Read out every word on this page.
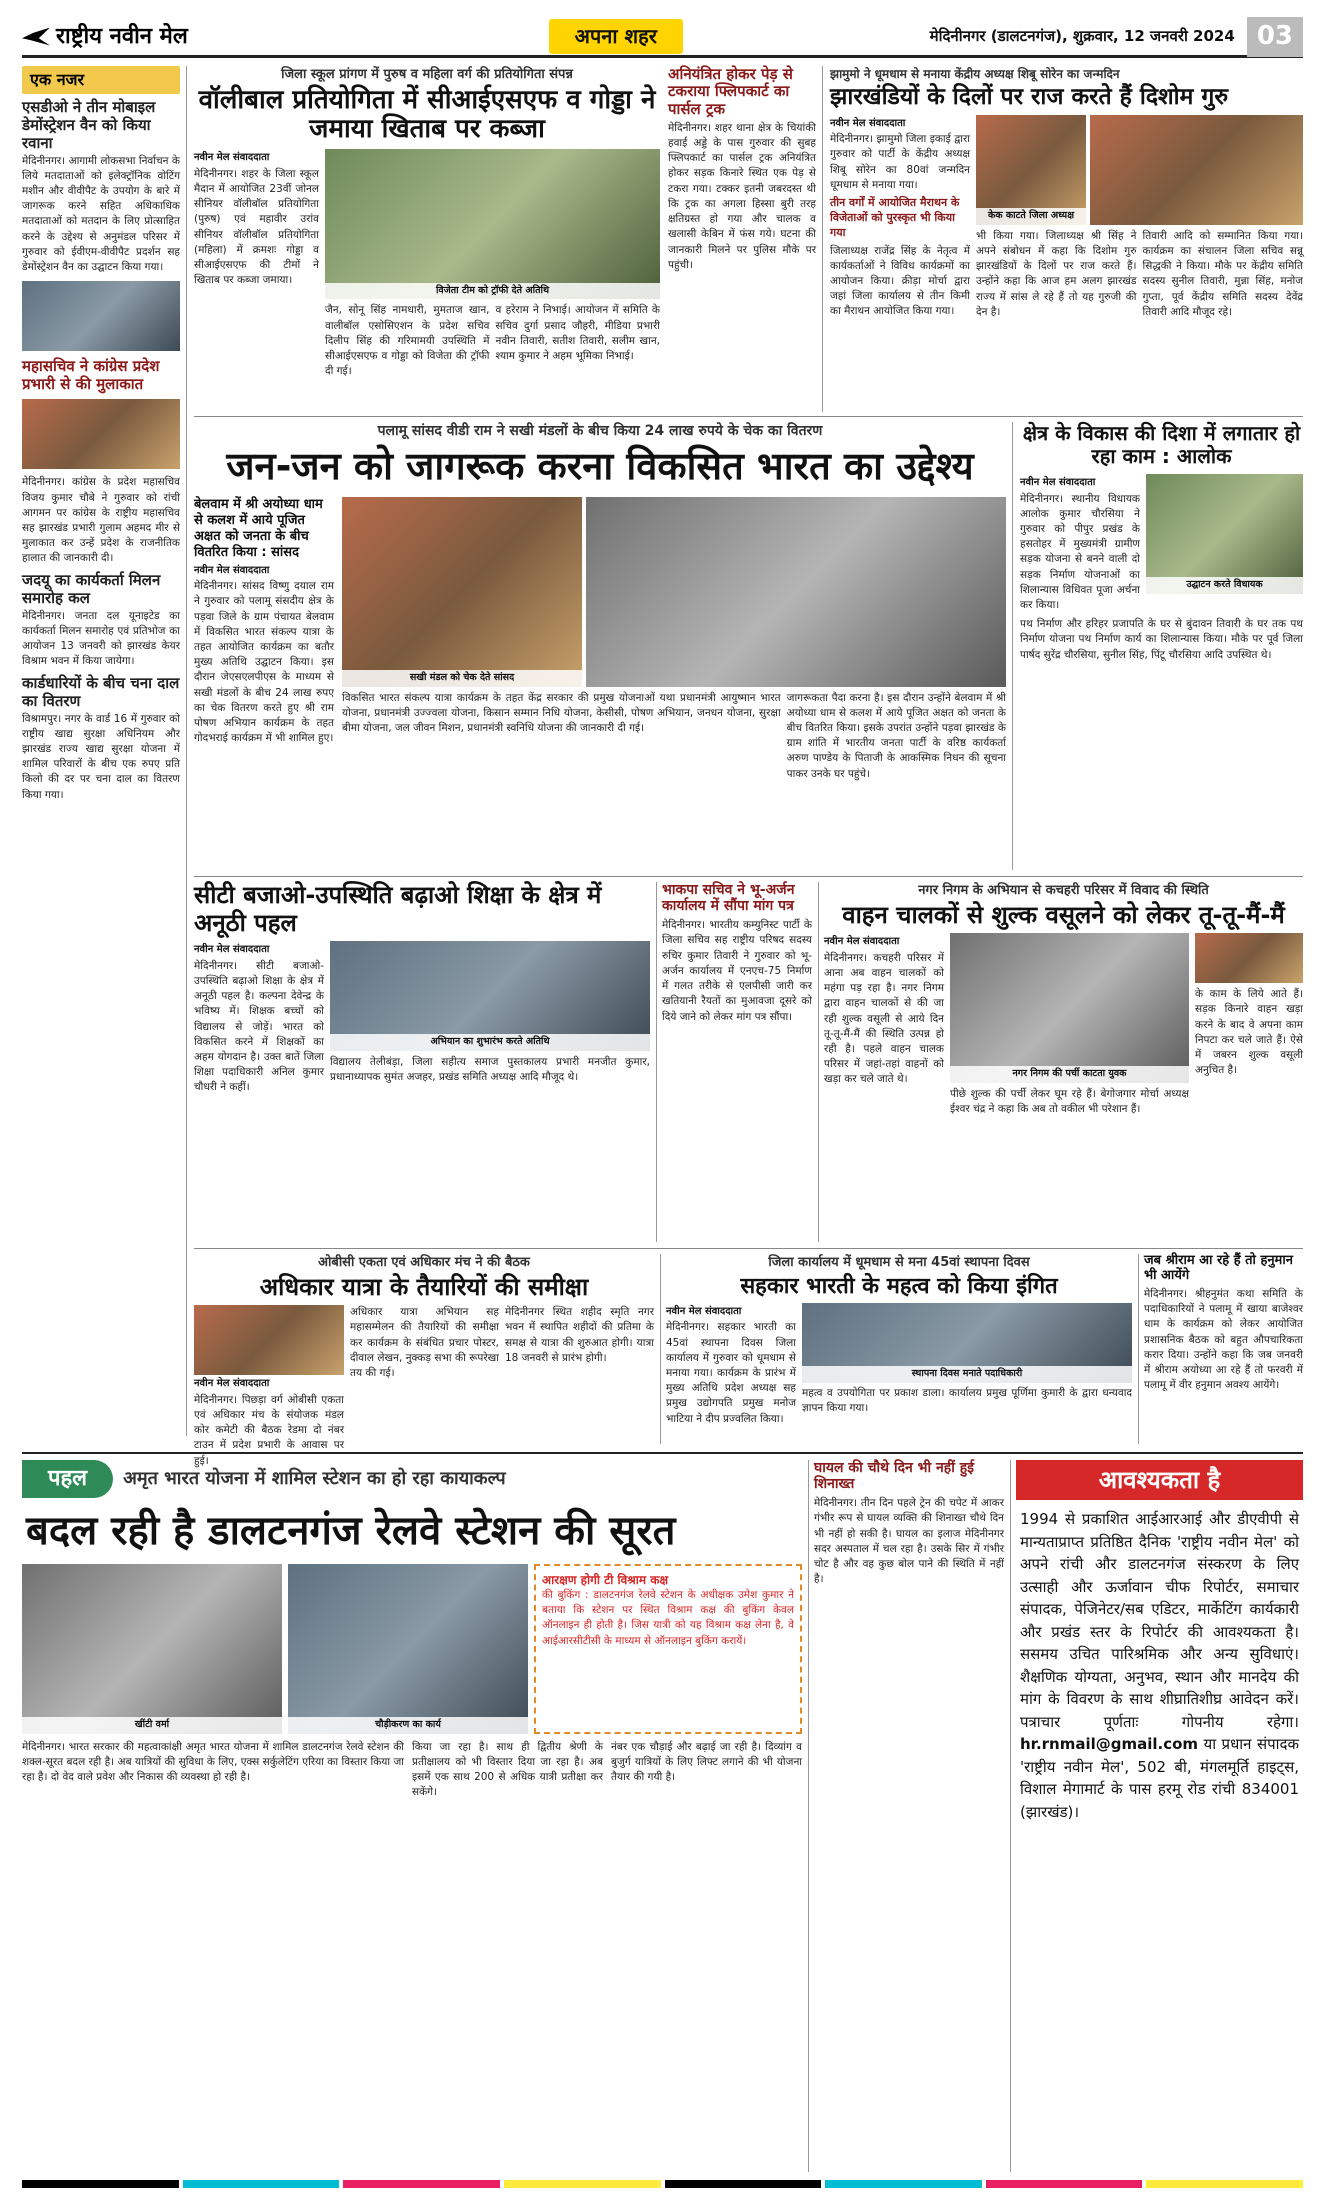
राष्ट्रीय नवीन मेल	अपना शहर	मेदिनीनगर (डालटनगंज), शुक्रवार, 12 जनवरी 2024 03
एक नजर
एसडीओ ने तीन मोबाइल डेमोंस्ट्रेशन वैन को किया रवाना
मेदिनीनगर। आगामी लोकसभा निर्वाचन के लिये मतदाताओं को इलेक्ट्रॉनिक वोटिंग मशीन और वीवीपैट के उपयोग के बारे में जागरूक करने सहित अधिकाधिक मतदाताओं को मतदान के लिए प्रोत्साहित करने के उद्देश्य से अनुमंडल परिसर में गुरुवार को ईवीएम-वीवीपैट प्रदर्शन सह डेमोंस्ट्रेशन वैन का उद्घाटन किया गया।
महासचिव ने कांग्रेस प्रदेश प्रभारी से की मुलाकात
मेदिनीनगर। कांग्रेस के प्रदेश महासचिव विजय कुमार चौबे ने गुरुवार को रांची आगमन पर कांग्रेस के राष्ट्रीय महासचिव सह झारखंड प्रभारी गुलाम अहमद मीर से मुलाकात कर उन्हें प्रदेश के राजनीतिक हालात की जानकारी दी।
जदयू का कार्यकर्ता मिलन समारोह कल
मेदिनीनगर। जनता दल यूनाइटेड का कार्यकर्ता मिलन समारोह एवं प्रतिभोज का आयोजन 13 जनवरी को झारखंड केयर विश्राम भवन में किया जायेगा।
कार्डधारियों के बीच चना दाल का वितरण
विश्रामपुर। नगर के वार्ड 16 में गुरुवार को राष्ट्रीय खाद्य सुरक्षा अधिनियम और झारखंड राज्य खाद्य सुरक्षा योजना में शामिल परिवारों के बीच एक रुपए प्रति किलो की दर पर चना दाल का वितरण किया गया।
जिला स्कूल प्रांगण में पुरुष व महिला वर्ग की प्रतियोगिता संपन्न
वॉलीबाल प्रतियोगिता में सीआईएसएफ व गोड्डा ने जमाया खिताब पर कब्जा
नवीन मेल संवाददाता
मेदिनीनगर। शहर के जिला स्कूल मैदान में आयोजित 23वीं जोनल सीनियर वॉलीबॉल प्रतियोगिता (पुरुष) एवं महावीर उरांव सीनियर वॉलीबॉल प्रतियोगिता (महिला) में क्रमशः गोड्डा व सीआईएसएफ की टीमों ने खिताब पर कब्जा जमाया।
विजेता टीम को ट्रॉफी देते अतिथि
जैन, सोनू सिंह नामधारी, मुमताज खान, वालीबॉल एसोसिएशन के प्रदेश सचिव दिलीप सिंह की गरिमामयी उपस्थिति में सीआईएसएफ व गोड्डा को विजेता की ट्रॉफी दी गई।
व हरेराम ने निभाई। आयोजन में समिति के सचिव दुर्गा प्रसाद जौहरी, मीडिया प्रभारी नवीन तिवारी, सतीश तिवारी, सलीम खान, श्याम कुमार ने अहम भूमिका निभाई।
अनियंत्रित होकर पेड़ से टकराया फ्लिपकार्ट का पार्सल ट्रक
मेदिनीनगर। शहर थाना क्षेत्र के चियांकी हवाई अड्डे के पास गुरुवार की सुबह फ्लिपकार्ट का पार्सल ट्रक अनियंत्रित होकर सड़क किनारे स्थित एक पेड़ से टकरा गया। टक्कर इतनी जबरदस्त थी कि ट्रक का अगला हिस्सा बुरी तरह क्षतिग्रस्त हो गया और चालक व खलासी केबिन में फंस गये। घटना की जानकारी मिलने पर पुलिस मौके पर पहुंची।
झामुमो ने धूमधाम से मनाया केंद्रीय अध्यक्ष शिबू सोरेन का जन्मदिन
झारखंडियों के दिलों पर राज करते हैं दिशोम गुरु
नवीन मेल संवाददाता
मेदिनीनगर। झामुमो जिला इकाई द्वारा गुरुवार को पार्टी के केंद्रीय अध्यक्ष शिबू सोरेन का 80वां जन्मदिन धूमधाम से मनाया गया।
तीन वर्गों में आयोजित मैराथन के विजेताओं को पुरस्कृत भी किया गया
जिलाध्यक्ष राजेंद्र सिंह के नेतृत्व में कार्यकर्ताओं ने विविध कार्यक्रमों का आयोजन किया। क्रीड़ा मोर्चा द्वारा जहां जिला कार्यालय से तीन किमी का मैराथन आयोजित किया गया।
केक काटते जिला अध्यक्ष
भी किया गया। जिलाध्यक्ष श्री सिंह ने अपने संबोधन में कहा कि दिशोम गुरु झारखंडियों के दिलों पर राज करते हैं। उन्होंने कहा कि आज हम अलग झारखंड राज्य में सांस ले रहे हैं तो यह गुरुजी की देन है।
तिवारी आदि को सम्मानित किया गया। कार्यक्रम का संचालन जिला सचिव सन्नू सिद्धकी ने किया। मौके पर केंद्रीय समिति सदस्य सुनील तिवारी, मुन्ना सिंह, मनोज गुप्ता, पूर्व केंद्रीय समिति सदस्य देवेंद्र तिवारी आदि मौजूद रहे।
पलामू सांसद वीडी राम ने सखी मंडलों के बीच किया 24 लाख रुपये के चेक का वितरण
जन-जन को जागरूक करना विकसित भारत का उद्देश्य
बेलवाम में श्री अयोध्या धाम से कलश में आये पूजित अक्षत को जनता के बीच वितरित किया : सांसद
नवीन मेल संवाददाता
मेदिनीनगर। सांसद विष्णु दयाल राम ने गुरुवार को पलामू संसदीय क्षेत्र के पड़वा जिले के ग्राम पंचायत बेलवाम में विकसित भारत संकल्प यात्रा के तहत आयोजित कार्यक्रम का बतौर मुख्य अतिथि उद्घाटन किया। इस दौरान जेएसएलपीएस के माध्यम से सखी मंडलों के बीच 24 लाख रुपए का चेक वितरण करते हुए श्री राम पोषण अभियान कार्यक्रम के तहत गोदभराई कार्यक्रम में भी शामिल हुए।
सखी मंडल को चेक देते सांसद
विकसित भारत संकल्प यात्रा कार्यक्रम के तहत केंद्र सरकार की प्रमुख योजनाओं यथा प्रधानमंत्री आयुष्मान भारत योजना, प्रधानमंत्री उज्ज्वला योजना, किसान सम्मान निधि योजना, केसीसी, पोषण अभियान, जनधन योजना, सुरक्षा बीमा योजना, जल जीवन मिशन, प्रधानमंत्री स्वनिधि योजना की जानकारी दी गई।
जागरूकता पैदा करना है। इस दौरान उन्होंने बेलवाम में श्री अयोध्या धाम से कलश में आये पूजित अक्षत को जनता के बीच वितरित किया। इसके उपरांत उन्होंने पड़वा झारखंड के ग्राम शांति में भारतीय जनता पार्टी के वरिष्ठ कार्यकर्ता अरुण पाण्डेय के पिताजी के आकस्मिक निधन की सूचना पाकर उनके घर पहुंचे।
क्षेत्र के विकास की दिशा में लगातार हो रहा काम : आलोक
नवीन मेल संवाददाता
मेदिनीनगर। स्थानीय विधायक आलोक कुमार चौरसिया ने गुरुवार को पीपुर प्रखंड के हसतोहर में मुख्यमंत्री ग्रामीण सड़क योजना से बनने वाली दो सड़क निर्माण योजनाओं का शिलान्यास विधिवत पूजा अर्चना कर किया।
उद्घाटन करते विधायक
पथ निर्माण और हरिहर प्रजापति के घर से बुंदावन तिवारी के घर तक पथ निर्माण योजना पथ निर्माण कार्य का शिलान्यास किया। मौके पर पूर्व जिला पार्षद सुरेंद्र चौरसिया, सुनील सिंह, पिंटू चौरसिया आदि उपस्थित थे।
सीटी बजाओ-उपस्थिति बढ़ाओ शिक्षा के क्षेत्र में अनूठी पहल
नवीन मेल संवाददाता
मेदिनीनगर। सीटी बजाओ-उपस्थिति बढ़ाओ शिक्षा के क्षेत्र में अनूठी पहल है। कल्पना देवेन्द्र के भविष्य में। शिक्षक बच्चों को विद्यालय से जोड़ें। भारत को विकसित करने में शिक्षकों का अहम योगदान है। उक्त बातें जिला शिक्षा पदाधिकारी अनिल कुमार चौधरी ने कहीं।
अभियान का शुभारंभ करते अतिथि
विद्यालय तेलीबंड़ा, जिला सहीत्य समाज पुस्तकालय प्रभारी मनजीत कुमार, प्रधानाध्यापक सुमंत अजहर, प्रखंड समिति अध्यक्ष आदि मौजूद थे।
भाकपा सचिव ने भू-अर्जन कार्यालय में सौंपा मांग पत्र
मेदिनीनगर। भारतीय कम्युनिस्ट पार्टी के जिला सचिव सह राष्ट्रीय परिषद सदस्य रुचिर कुमार तिवारी ने गुरुवार को भू-अर्जन कार्यालय में एनएच-75 निर्माण में गलत तरीके से एलपीसी जारी कर खतियानी रैयतों का मुआवजा दूसरे को दिये जाने को लेकर मांग पत्र सौंपा।
नगर निगम के अभियान से कचहरी परिसर में विवाद की स्थिति
वाहन चालकों से शुल्क वसूलने को लेकर तू-तू-मैं-मैं
नवीन मेल संवाददाता
मेदिनीनगर। कचहरी परिसर में आना अब वाहन चालकों को महंगा पड़ रहा है। नगर निगम द्वारा वाहन चालकों से की जा रही शुल्क वसूली से आये दिन तू-तू-मैं-मैं की स्थिति उत्पन्न हो रही है। पहले वाहन चालक परिसर में जहां-तहां वाहनों को खड़ा कर चले जाते थे।	नगर निगम की पर्ची काटता युवक
पीछे शुल्क की पर्ची लेकर घूम रहे हैं। बेगोजगार मोर्चा अध्यक्ष ईश्वर चंद्र ने कहा कि अब तो वकील भी परेशान हैं।
के काम के लिये आते हैं। सड़क किनारे वाहन खड़ा करने के बाद वे अपना काम निपटा कर चले जाते हैं। ऐसे में जबरन शुल्क वसूली अनुचित है।
ओबीसी एकता एवं अधिकार मंच ने की बैठक
अधिकार यात्रा के तैयारियों की समीक्षा
नवीन मेल संवाददाता
मेदिनीनगर। पिछड़ा वर्ग ओबीसी एकता एवं अधिकार मंच के संयोजक मंडल कोर कमेटी की बैठक रेडमा दो नंबर टाउन में प्रदेश प्रभारी के आवास पर हुई।
अधिकार यात्रा अभियान सह महासम्मेलन की तैयारियों की समीक्षा कर कार्यक्रम के संबंधित प्रचार पोस्टर, दीवाल लेखन, नुक्कड़ सभा की रूपरेखा तय की गई।
मेदिनीनगर स्थित शहीद स्मृति नगर भवन में स्थापित शहीदों की प्रतिमा के समक्ष से यात्रा की शुरुआत होगी। यात्रा 18 जनवरी से प्रारंभ होगी।
जिला कार्यालय में धूमधाम से मना 45वां स्थापना दिवस
सहकार भारती के महत्व को किया इंगित
नवीन मेल संवाददाता
मेदिनीनगर। सहकार भारती का 45वां स्थापना दिवस जिला कार्यालय में गुरुवार को धूमधाम से मनाया गया। कार्यक्रम के प्रारंभ में मुख्य अतिथि प्रदेश अध्यक्ष सह प्रमुख उद्योगपति प्रमुख मनोज भाटिया ने दीप प्रज्वलित किया।
स्थापना दिवस मनाते पदाधिकारी
महत्व व उपयोगिता पर प्रकाश डाला। कार्यालय प्रमुख पूर्णिमा कुमारी के द्वारा धन्यवाद ज्ञापन किया गया।
जब श्रीराम आ रहे हैं तो हनुमान भी आयेंगे
मेदिनीनगर। श्रीहनुमंत कथा समिति के पदाधिकारियों ने पलामू में खाया बाजेश्वर धाम के कार्यक्रम को लेकर आयोजित प्रशासनिक बैठक को बहुत औपचारिकता करार दिया। उन्होंने कहा कि जब जनवरी में श्रीराम अयोध्या आ रहे हैं तो फरवरी में पलामू में वीर हनुमान अवश्य आयेंगे।
पहल	अमृत भारत योजना में शामिल स्टेशन का हो रहा कायाकल्प
बदल रही है डालटनगंज रेलवे स्टेशन की सूरत
खींटी वर्मा	चौड़ीकरण का कार्य
आरक्षण होगी टी विश्राम कक्ष
की बुकिंग : डालटनगंज रेलवे स्टेशन के अधीक्षक उमेश कुमार ने बताया कि स्टेशन पर स्थित विश्राम कक्ष की बुकिंग केवल ऑनलाइन ही होती है। जिस यात्री को यह विश्राम कक्ष लेना है, वे आईआरसीटीसी के माध्यम से ऑनलाइन बुकिंग करायें।
मेदिनीनगर। भारत सरकार की महत्वाकांक्षी अमृत भारत योजना में शामिल डालटनगंज रेलवे स्टेशन की शक्ल-सूरत बदल रही है। अब यात्रियों की सुविधा के लिए, एक्स सर्कुलेटिंग एरिया का विस्तार किया जा रहा है। दो वेद वाले प्रवेश और निकास की व्यवस्था हो रही है।
किया जा रहा है। साथ ही द्वितीय श्रेणी के प्रतीक्षालय को भी विस्तार दिया जा रहा है। अब इसमें एक साथ 200 से अधिक यात्री प्रतीक्षा कर सकेंगे।
नंबर एक चौड़ाई और बढ़ाई जा रही है। दिव्यांग व बुजुर्ग यात्रियों के लिए लिफ्ट लगाने की भी योजना तैयार की गयी है।
घायल की चौथे दिन भी नहीं हुई शिनाख्त
मेदिनीनगर। तीन दिन पहले ट्रेन की चपेट में आकर गंभीर रूप से घायल व्यक्ति की शिनाख्त चौथे दिन भी नहीं हो सकी है। घायल का इलाज मेदिनीनगर सदर अस्पताल में चल रहा है। उसके सिर में गंभीर चोट है और वह कुछ बोल पाने की स्थिति में नहीं है।
आवश्यकता है
1994 से प्रकाशित आईआरआई और डीएवीपी से मान्यताप्राप्त प्रतिष्ठित दैनिक 'राष्ट्रीय नवीन मेल' को अपने रांची और डालटनगंज संस्करण के लिए उत्साही और ऊर्जावान चीफ रिपोर्टर, समाचार संपादक, पेजिनेटर/सब एडिटर, मार्केटिंग कार्यकारी और प्रखंड स्तर के रिपोर्टर की आवश्यकता है। ससमय उचित पारिश्रमिक और अन्य सुविधाएं। शैक्षणिक योग्यता, अनुभव, स्थान और मानदेय की मांग के विवरण के साथ शीघ्रातिशीघ्र आवेदन करें। पत्राचार पूर्णताः गोपनीय रहेगा। hr.rnmail@gmail.com या प्रधान संपादक 'राष्ट्रीय नवीन मेल', 502 बी, मंगलमूर्ति हाइट्स, विशाल मेगामार्ट के पास हरमू रोड रांची 834001 (झारखंड)।
